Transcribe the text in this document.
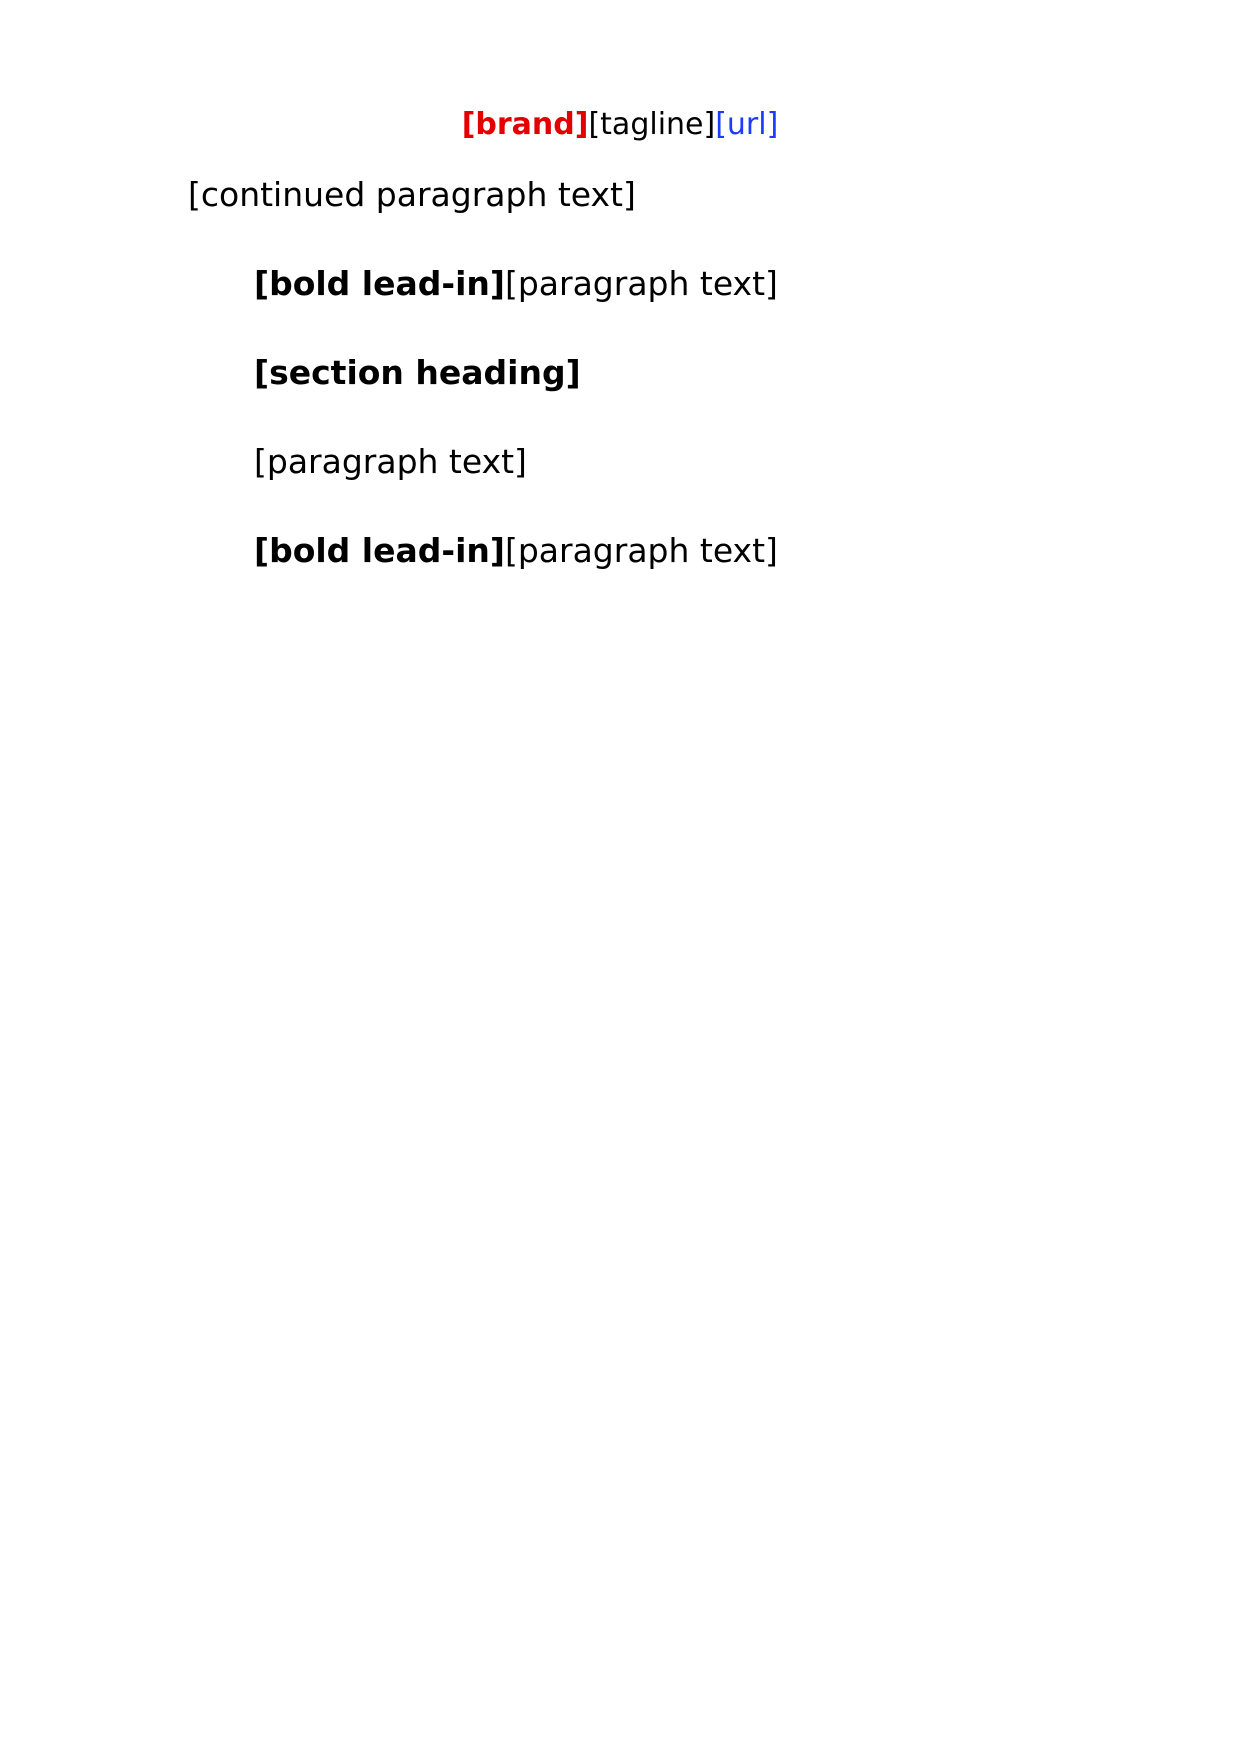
[brand][tagline][url]

[continued paragraph text]

[bold lead-in][paragraph text]

[section heading]

[paragraph text]

[bold lead-in][paragraph text]
